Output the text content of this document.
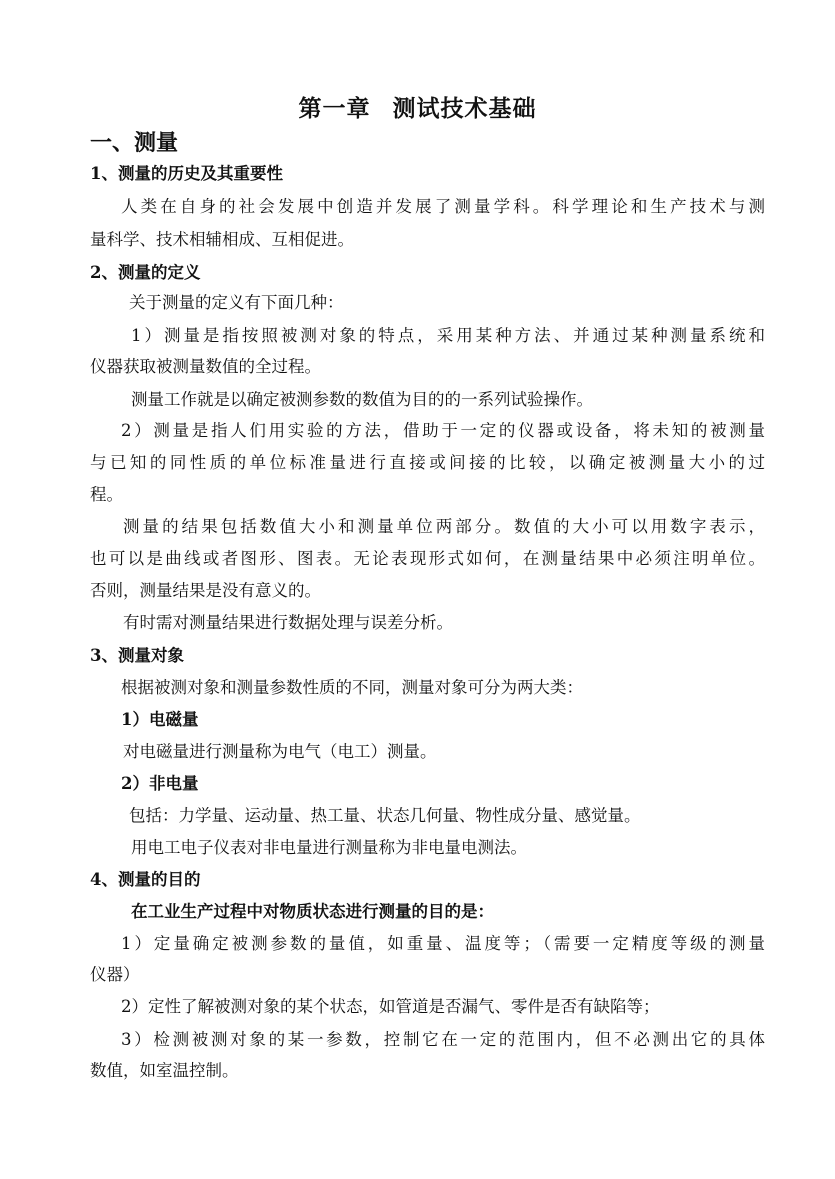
第一章 测试技术基础
一、测量
1、测量的历史及其重要性
人类在自身的社会发展中创造并发展了测量学科。科学理论和生产技术与测
量科学、技术相辅相成、互相促进。
2、测量的定义
关于测量的定义有下面几种：
1）测量是指按照被测对象的特点，采用某种方法、并通过某种测量系统和
仪器获取被测量数值的全过程。
测量工作就是以确定被测参数的数值为目的的一系列试验操作。
2）测量是指人们用实验的方法，借助于一定的仪器或设备，将未知的被测量
与已知的同性质的单位标准量进行直接或间接的比较，以确定被测量大小的过
程。
测量的结果包括数值大小和测量单位两部分。数值的大小可以用数字表示，
也可以是曲线或者图形、图表。无论表现形式如何，在测量结果中必须注明单位。
否则，测量结果是没有意义的。
有时需对测量结果进行数据处理与误差分析。
3、测量对象
根据被测对象和测量参数性质的不同，测量对象可分为两大类：
1）电磁量
对电磁量进行测量称为电气（电工）测量。
2）非电量
包括：力学量、运动量、热工量、状态几何量、物性成分量、感觉量。
用电工电子仪表对非电量进行测量称为非电量电测法。
4、测量的目的
在工业生产过程中对物质状态进行测量的目的是：
1）定量确定被测参数的量值，如重量、温度等；（需要一定精度等级的测量
仪器）
2）定性了解被测对象的某个状态，如管道是否漏气、零件是否有缺陷等；
3）检测被测对象的某一参数，控制它在一定的范围内，但不必测出它的具体
数值，如室温控制。
